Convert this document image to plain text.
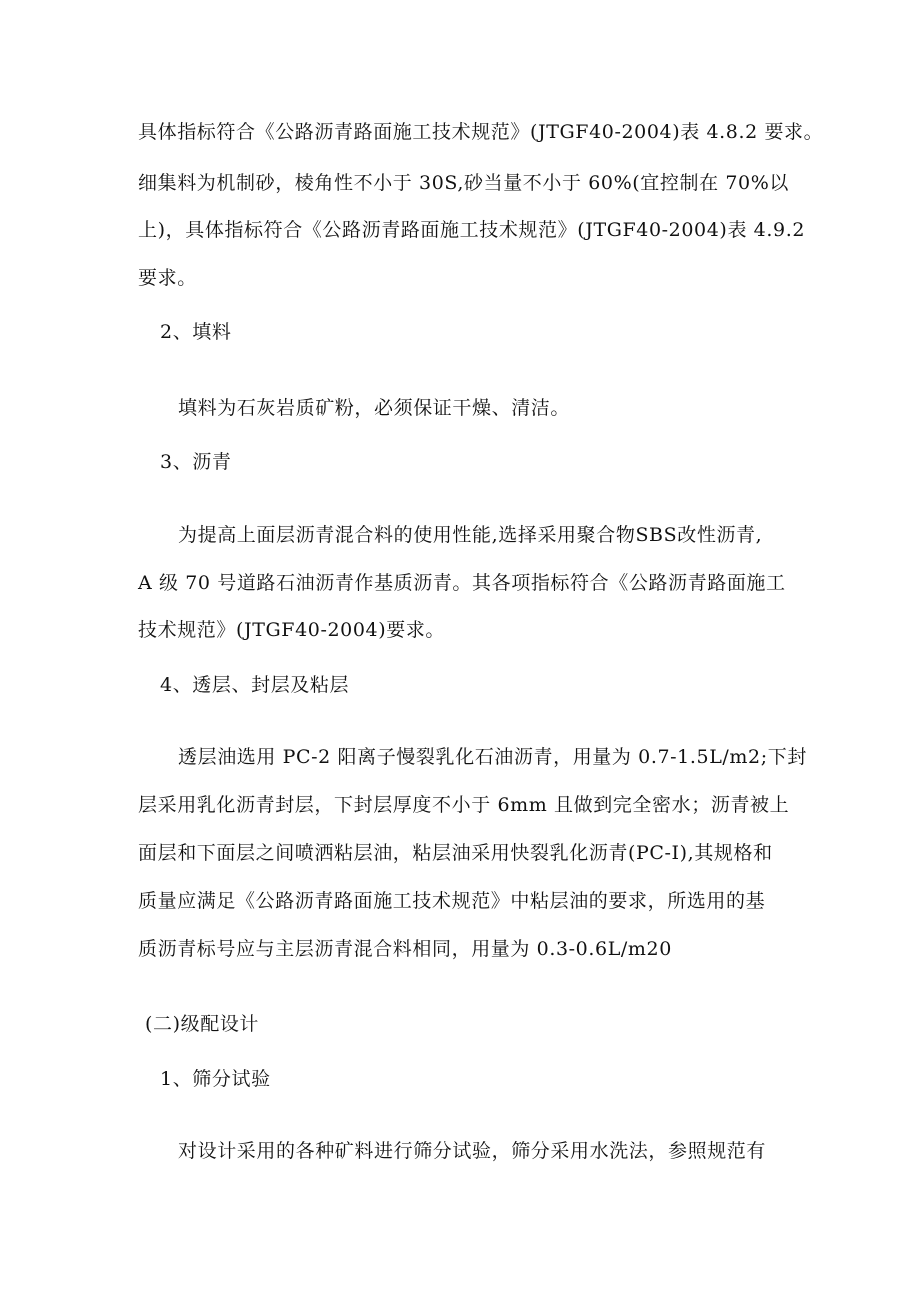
具体指标符合《公路沥青路面施工技术规范》(JTGF40-2004)表 4.8.2 要求。
细集料为机制砂，棱角性不小于 30S,砂当量不小于 60%(宜控制在 70%以
上)，具体指标符合《公路沥青路面施工技术规范》(JTGF40-2004)表 4.9.2
要求。
2、填料
填料为石灰岩质矿粉，必须保证干燥、清洁。
3、沥青
为提高上面层沥青混合料的使用性能,选择采用聚合物SBS改性沥青,
A 级 70 号道路石油沥青作基质沥青。其各项指标符合《公路沥青路面施工
技术规范》(JTGF40-2004)要求。
4、透层、封层及粘层
透层油选用 PC-2 阳离子慢裂乳化石油沥青，用量为 0.7-1.5L/m2;下封
层采用乳化沥青封层，下封层厚度不小于 6mm 且做到完全密水；沥青被上
面层和下面层之间喷洒粘层油，粘层油采用快裂乳化沥青(PC-I),其规格和
质量应满足《公路沥青路面施工技术规范》中粘层油的要求，所选用的基
质沥青标号应与主层沥青混合料相同，用量为 0.3-0.6L/m20
(二)级配设计
1、筛分试验
对设计采用的各种矿料进行筛分试验，筛分采用水洗法，参照规范有
